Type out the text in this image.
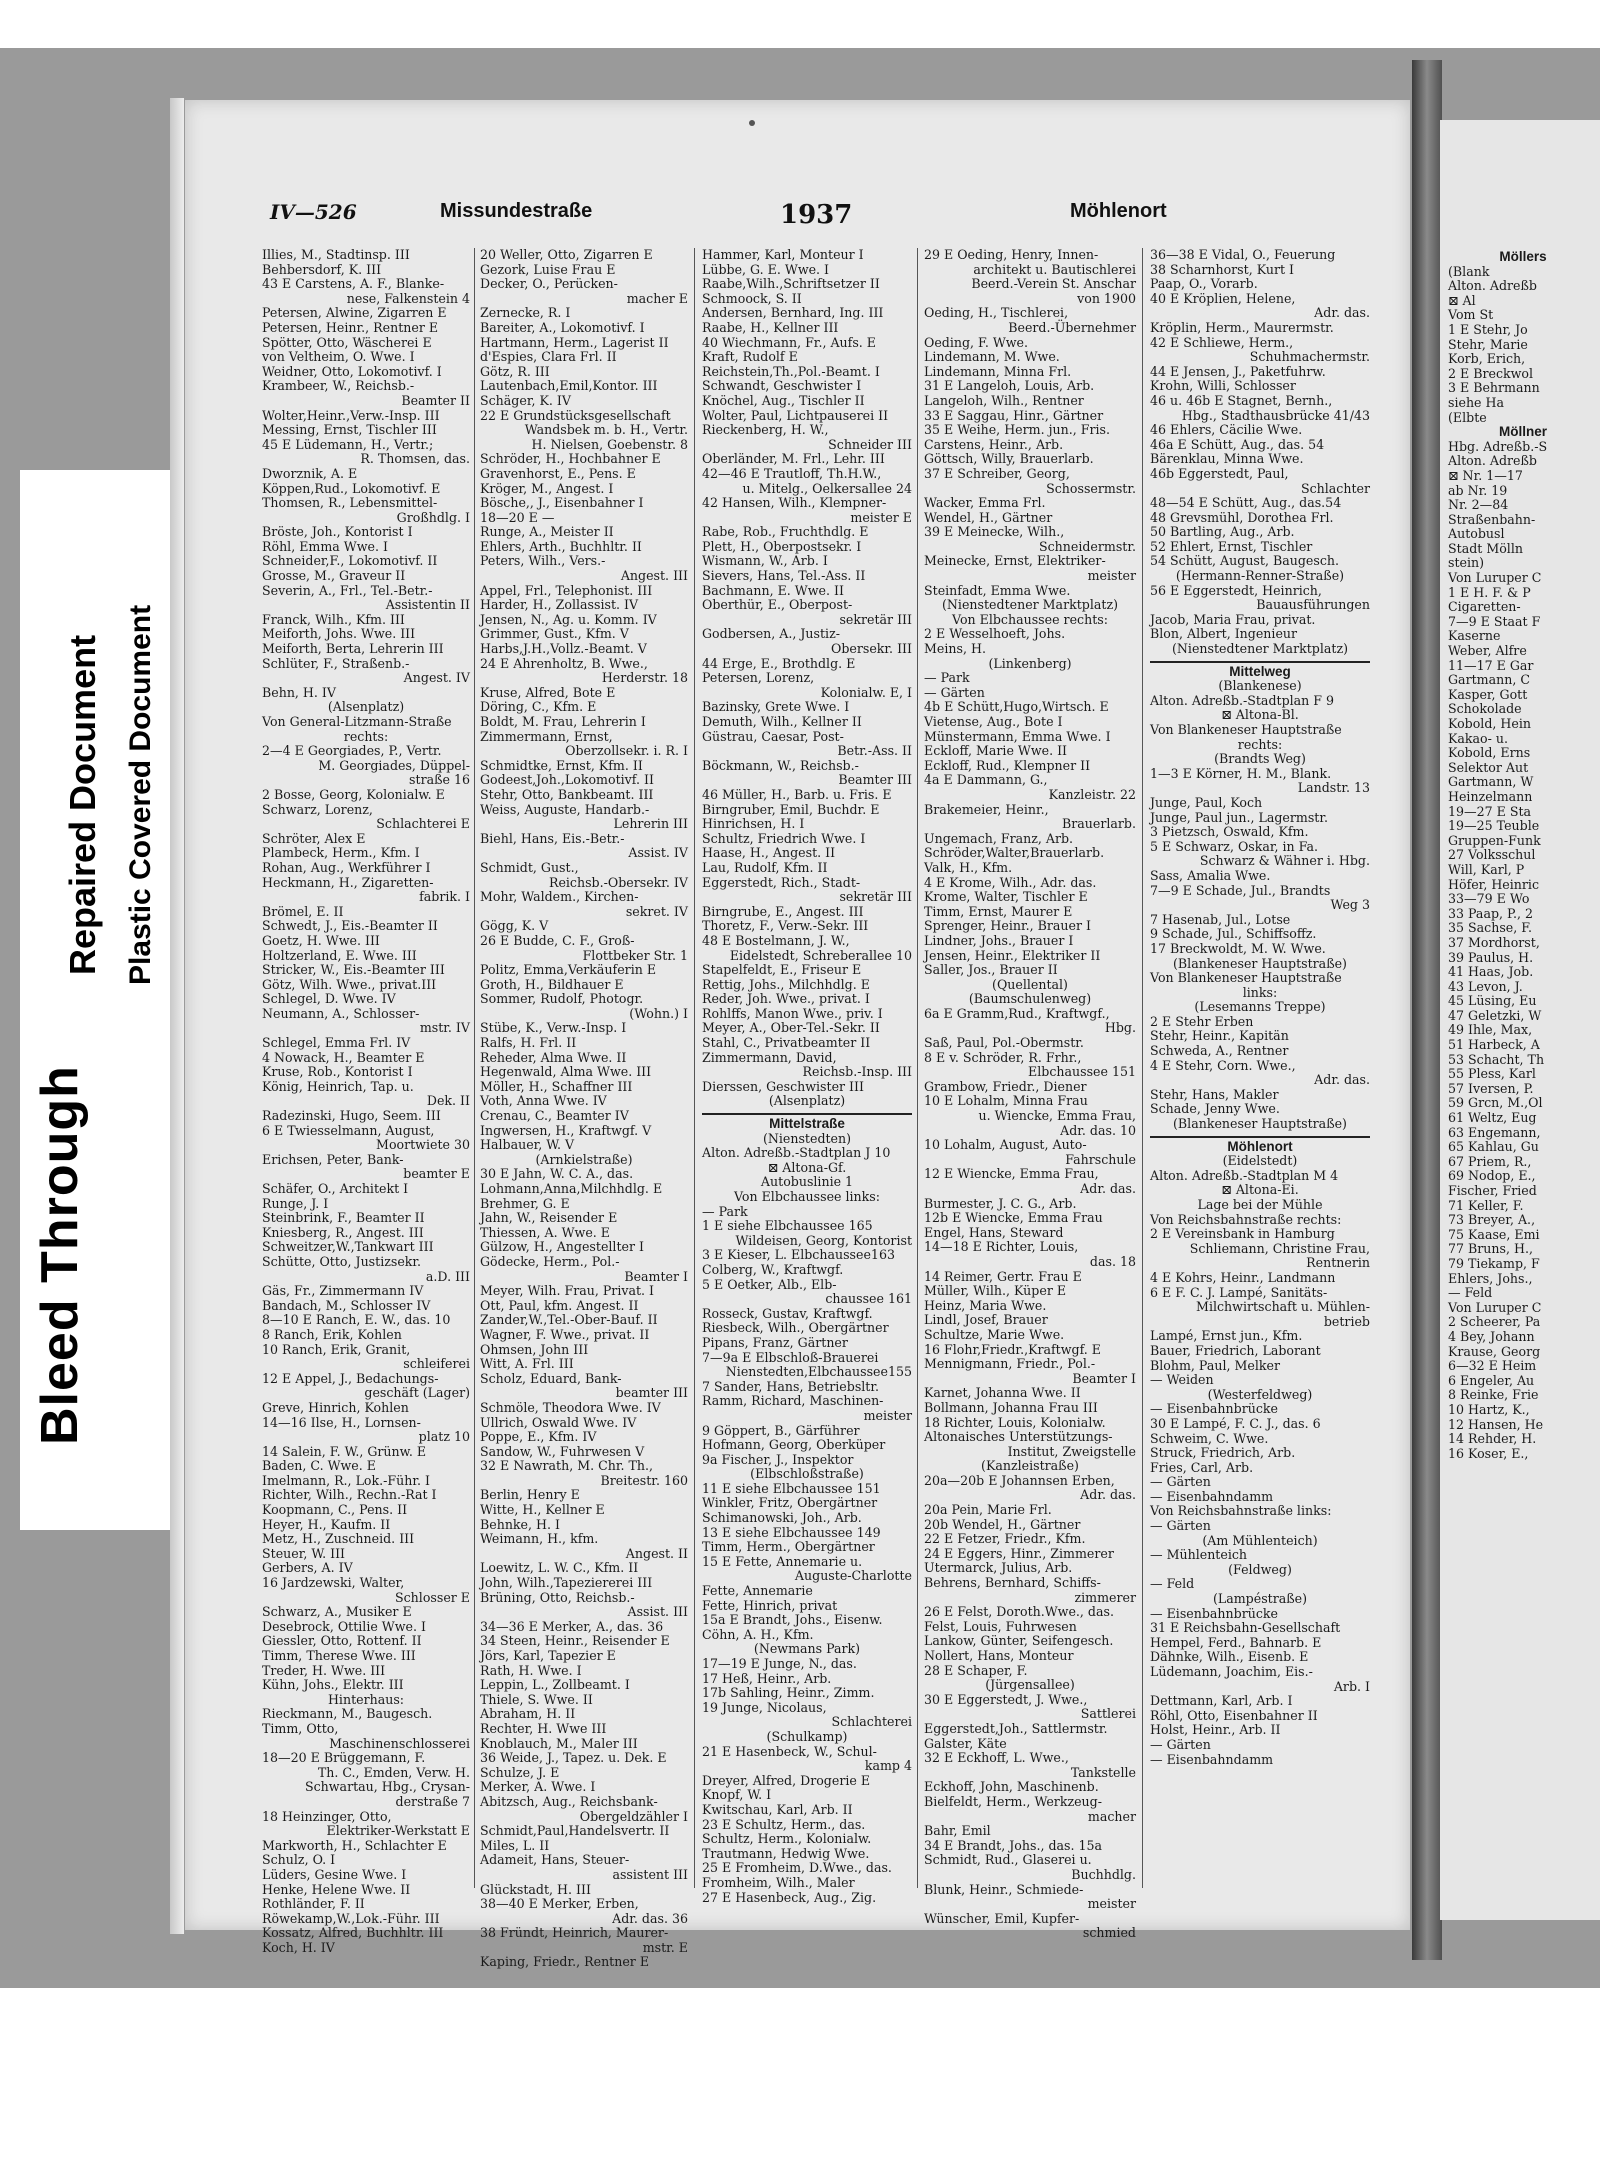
Bleed Through
Repaired Document Plastic Covered Document
Möllers
(Blank
Alton. Adreßb
⊠ Al
Vom St
1 E Stehr, Jo
Stehr, Marie
Korb, Erich,
2 E Breckwol
3 E Behrmann
siehe Ha
(Elbte
Möllner
Hbg. Adreßb.-S
Alton. Adreßb
⊠ Nr. 1—17
ab Nr. 19
Nr. 2—84
Straßenbahn-
Autobusl
Stadt Mölln
stein)
Von Luruper C
1 E H. F. & P
Cigaretten-
7—9 E Staat F
Kaserne
Weber, Alfre
11—17 E Gar
Gartmann, C
Kasper, Gott
Schokolade
Kobold, Hein
Kakao- u.
Kobold, Erns
Selektor Aut
Gartmann, W
Heinzelmann
19—27 E Sta
19—25 Teuble
Gruppen-Funk
27 Volksschul
Will, Karl, P
Höfer, Heinric
33—79 E Wo
33 Paap, P., 2
35 Sachse, F.
37 Mordhorst,
39 Paulus, H.
41 Haas, Job.
43 Levon, J.
45 Lüsing, Eu
47 Geletzki, W
49 Ihle, Max,
51 Harbeck, A
53 Schacht, Th
55 Pless, Karl
57 Iversen, P.
59 Grcn, M.,Ol
61 Weltz, Eug
63 Engemann,
65 Kahlau, Gu
67 Priem, R.,
69 Nodop, E.,
Fischer, Fried
71 Keller, F.
73 Breyer, A.,
75 Kaase, Emi
77 Bruns, H.,
79 Tiekamp, F
Ehlers, Johs.,
— Feld
Von Luruper C
2 Scheerer, Pa
4 Bey, Johann
Krause, Georg
6—32 E Heim
6 Engeler, Au
8 Reinke, Frie
10 Hartz, K.,
12 Hansen, He
14 Rehder, H.
16 Koser, E.,
IV—526	Missundestraße	1937	Möhlenort
Illies, M., Stadtinsp. III
Behbersdorf, K. III
43 E Carstens, A. F., Blanke-
nese, Falkenstein 4
Petersen, Alwine, Zigarren E
Petersen, Heinr., Rentner E
Spötter, Otto, Wäscherei E
von Veltheim, O. Wwe. I
Weidner, Otto, Lokomotivf. I
Krambeer, W., Reichsb.-
Beamter II
Wolter,Heinr.,Verw.-Insp. III
Messing, Ernst, Tischler III
45 E Lüdemann, H., Vertr.;
R. Thomsen, das.
Dworznik, A. E
Köppen,Rud., Lokomotivf. E
Thomsen, R., Lebensmittel-
Großhdlg. I
Bröste, Joh., Kontorist I
Röhl, Emma Wwe. I
Schneider,F., Lokomotivf. II
Grosse, M., Graveur II
Severin, A., Frl., Tel.-Betr.-
Assistentin II
Franck, Wilh., Kfm. III
Meiforth, Johs. Wwe. III
Meiforth, Berta, Lehrerin III
Schlüter, F., Straßenb.-
Angest. IV
Behn, H. IV
(Alsenplatz)
Von General-Litzmann-Straße
rechts:
2—4 E Georgiades, P., Vertr.
M. Georgiades, Düppel-
straße 16
2 Bosse, Georg, Kolonialw. E
Schwarz, Lorenz,
Schlachterei E
Schröter, Alex E
Plambeck, Herm., Kfm. I
Rohan, Aug., Werkführer I
Heckmann, H., Zigaretten-
fabrik. I
Brömel, E. II
Schwedt, J., Eis.-Beamter II
Goetz, H. Wwe. III
Holtzerland, E. Wwe. III
Stricker, W., Eis.-Beamter III
Götz, Wilh. Wwe., privat.III
Schlegel, D. Wwe. IV
Neumann, A., Schlosser-
mstr. IV
Schlegel, Emma Frl. IV
4 Nowack, H., Beamter E
Kruse, Rob., Kontorist I
König, Heinrich, Tap. u.
Dek. II
Radezinski, Hugo, Seem. III
6 E Twiesselmann, August,
Moortwiete 30
Erichsen, Peter, Bank-
beamter E
Schäfer, O., Architekt I
Runge, J. I
Steinbrink, F., Beamter II
Kniesberg, R., Angest. III
Schweitzer,W.,Tankwart III
Schütte, Otto, Justizsekr.
a.D. III
Gäs, Fr., Zimmermann IV
Bandach, M., Schlosser IV
8—10 E Ranch, E. W., das. 10
8 Ranch, Erik, Kohlen
10 Ranch, Erik, Granit,
schleiferei
12 E Appel, J., Bedachungs-
geschäft (Lager)
Greve, Hinrich, Kohlen
14—16 Ilse, H., Lornsen-
platz 10
14 Salein, F. W., Grünw. E
Baden, C. Wwe. E
Imelmann, R., Lok.-Führ. I
Richter, Wilh., Rechn.-Rat I
Koopmann, C., Pens. II
Heyer, H., Kaufm. II
Metz, H., Zuschneid. III
Steuer, W. III
Gerbers, A. IV
16 Jardzewski, Walter,
Schlosser E
Schwarz, A., Musiker E
Desebrock, Ottilie Wwe. I
Giessler, Otto, Rottenf. II
Timm, Therese Wwe. III
Treder, H. Wwe. III
Kühn, Johs., Elektr. III
Hinterhaus:
Rieckmann, M., Baugesch.
Timm, Otto,
Maschinenschlosserei
18—20 E Brüggemann, F.
Th. C., Emden, Verw. H.
Schwartau, Hbg., Crysan-
derstraße 7
18 Heinzinger, Otto,
Elektriker-Werkstatt E
Markworth, H., Schlachter E
Schulz, O. I
Lüders, Gesine Wwe. I
Henke, Helene Wwe. II
Rothländer, F. II
Röwekamp,W.,Lok.-Führ. III
Kossatz, Alfred, Buchhltr. III
Koch, H. IV
20 Weller, Otto, Zigarren E
Gezork, Luise Frau E
Decker, O., Perücken-
macher E
Zernecke, R. I
Bareiter, A., Lokomotivf. I
Hartmann, Herm., Lagerist II
d'Espies, Clara Frl. II
Götz, R. III
Lautenbach,Emil,Kontor. III
Schäger, K. IV
22 E Grundstücksgesellschaft
Wandsbek m. b. H., Vertr.
H. Nielsen, Goebenstr. 8
Schröder, H., Hochbahner E
Gravenhorst, E., Pens. E
Kröger, M., Angest. I
Bösche,, J., Eisenbahner I
18—20 E —
Runge, A., Meister II
Ehlers, Arth., Buchhltr. II
Peters, Wilh., Vers.-
Angest. III
Appel, Frl., Telephonist. III
Harder, H., Zollassist. IV
Jensen, N., Ag. u. Komm. IV
Grimmer, Gust., Kfm. V
Harbs,J.H.,Vollz.-Beamt. V
24 E Ahrenholtz, B. Wwe.,
Herderstr. 18
Kruse, Alfred, Bote E
Döring, C., Kfm. E
Boldt, M. Frau, Lehrerin I
Zimmermann, Ernst,
Oberzollsekr. i. R. I
Schmidtke, Ernst, Kfm. II
Godeest,Joh.,Lokomotivf. II
Stehr, Otto, Bankbeamt. III
Weiss, Auguste, Handarb.-
Lehrerin III
Biehl, Hans, Eis.-Betr.-
Assist. IV
Schmidt, Gust.,
Reichsb.-Obersekr. IV
Mohr, Waldem., Kirchen-
sekret. IV
Gögg, K. V
26 E Budde, C. F., Groß-
Flottbeker Str. 1
Politz, Emma,Verkäuferin E
Groth, H., Bildhauer E
Sommer, Rudolf, Photogr.
(Wohn.) I
Stübe, K., Verw.-Insp. I
Ralfs, H. Frl. II
Reheder, Alma Wwe. II
Hegenwald, Alma Wwe. III
Möller, H., Schaffner III
Voth, Anna Wwe. IV
Crenau, C., Beamter IV
Ingwersen, H., Kraftwgf. V
Halbauer, W. V
(Arnkielstraße)
30 E Jahn, W. C. A., das.
Lohmann,Anna,Milchhdlg. E
Brehmer, G. E
Jahn, W., Reisender E
Thiessen, A. Wwe. E
Gülzow, H., Angestellter I
Gödecke, Herm., Pol.-
Beamter I
Meyer, Wilh. Frau, Privat. I
Ott, Paul, kfm. Angest. II
Zander,W.,Tel.-Ober-Bauf. II
Wagner, F. Wwe., privat. II
Ohmsen, John III
Witt, A. Frl. III
Scholz, Eduard, Bank-
beamter III
Schmöle, Theodora Wwe. IV
Ullrich, Oswald Wwe. IV
Poppe, E., Kfm. IV
Sandow, W., Fuhrwesen V
32 E Nawrath, M. Chr. Th.,
Breitestr. 160
Berlin, Henry E
Witte, H., Kellner E
Behnke, H. I
Weimann, H., kfm.
Angest. II
Loewitz, L. W. C., Kfm. II
John, Wilh.,Tapeziererei III
Brüning, Otto, Reichsb.-
Assist. III
34—36 E Merker, A., das. 36
34 Steen, Heinr., Reisender E
Jörs, Karl, Tapezier E
Rath, H. Wwe. I
Leppin, L., Zollbeamt. I
Thiele, S. Wwe. II
Abraham, H. II
Rechter, H. Wwe III
Knoblauch, M., Maler III
36 Weide, J., Tapez. u. Dek. E
Schulze, J. E
Merker, A. Wwe. I
Abitzsch, Aug., Reichsbank-
Obergeldzähler I
Schmidt,Paul,Handelsvertr. II
Miles, L. II
Adameit, Hans, Steuer-
assistent III
Glückstadt, H. III
38—40 E Merker, Erben,
Adr. das. 36
38 Fründt, Heinrich, Maurer-
mstr. E
Kaping, Friedr., Rentner E
Hammer, Karl, Monteur I
Lübbe, G. E. Wwe. I
Raabe,Wilh.,Schriftsetzer II
Schmoock, S. II
Andersen, Bernhard, Ing. III
Raabe, H., Kellner III
40 Wiechmann, Fr., Aufs. E
Kraft, Rudolf E
Reichstein,Th.,Pol.-Beamt. I
Schwandt, Geschwister I
Knöchel, Aug., Tischler II
Wolter, Paul, Lichtpauserei II
Rieckenberg, H. W.,
Schneider III
Oberländer, M. Frl., Lehr. III
42—46 E Trautloff, Th.H.W.,
u. Mitelg., Oelkersallee 24
42 Hansen, Wilh., Klempner-
meister E
Rabe, Rob., Fruchthdlg. E
Plett, H., Oberpostsekr. I
Wismann, W., Arb. I
Sievers, Hans, Tel.-Ass. II
Bachmann, E. Wwe. II
Oberthür, E., Oberpost-
sekretär III
Godbersen, A., Justiz-
Obersekr. III
44 Erge, E., Brothdlg. E
Petersen, Lorenz,
Kolonialw. E, I
Bazinsky, Grete Wwe. I
Demuth, Wilh., Kellner II
Güstrau, Caesar, Post-
Betr.-Ass. II
Böckmann, W., Reichsb.-
Beamter III
46 Müller, H., Barb. u. Fris. E
Birngruber, Emil, Buchdr. E
Hinrichsen, H. I
Schultz, Friedrich Wwe. I
Haase, H., Angest. II
Lau, Rudolf, Kfm. II
Eggerstedt, Rich., Stadt-
sekretär III
Birngrube, E., Angest. III
Thoretz, F., Verw.-Sekr. III
48 E Bostelmann, J. W.,
Eidelstedt, Schreberallee 10
Stapelfeldt, E., Friseur E
Rettig, Johs., Milchhdlg. E
Reder, Joh. Wwe., privat. I
Rohlffs, Manon Wwe., priv. I
Meyer, A., Ober-Tel.-Sekr. II
Stahl, C., Privatbeamter II
Zimmermann, David,
Reichsb.-Insp. III
Dierssen, Geschwister III
(Alsenplatz)
Mittelstraße
(Nienstedten)
Alton. Adreßb.-Stadtplan J 10
⊠ Altona-Gf.
Autobuslinie 1
Von Elbchaussee links:
— Park
1 E siehe Elbchaussee 165
Wildeisen, Georg, Kontorist
3 E Kieser, L. Elbchaussee163
Colberg, W., Kraftwgf.
5 E Oetker, Alb., Elb-
chaussee 161
Rosseck, Gustav, Kraftwgf.
Riesbeck, Wilh., Obergärtner
Pipans, Franz, Gärtner
7—9a E Elbschloß-Brauerei
Nienstedten,Elbchaussee155
7 Sander, Hans, Betriebsltr.
Ramm, Richard, Maschinen-
meister
9 Göppert, B., Gärführer
Hofmann, Georg, Oberküper
9a Fischer, J., Inspektor
(Elbschloßstraße)
11 E siehe Elbchaussee 151
Winkler, Fritz, Obergärtner
Schimanowski, Joh., Arb.
13 E siehe Elbchaussee 149
Timm, Herm., Obergärtner
15 E Fette, Annemarie u.
Auguste-Charlotte
Fette, Annemarie
Fette, Hinrich, privat
15a E Brandt, Johs., Eisenw.
Cöhn, A. H., Kfm.
(Newmans Park)
17—19 E Junge, N., das.
17 Heß, Heinr., Arb.
17b Sahling, Heinr., Zimm.
19 Junge, Nicolaus,
Schlachterei
(Schulkamp)
21 E Hasenbeck, W., Schul-
kamp 4
Dreyer, Alfred, Drogerie E
Knopf, W. I
Kwitschau, Karl, Arb. II
23 E Schultz, Herm., das.
Schultz, Herm., Kolonialw.
Trautmann, Hedwig Wwe.
25 E Fromheim, D.Wwe., das.
Fromheim, Wilh., Maler
27 E Hasenbeck, Aug., Zig.
29 E Oeding, Henry, Innen-
architekt u. Bautischlerei
Beerd.-Verein St. Anschar
von 1900
Oeding, H., Tischlerei,
Beerd.-Übernehmer
Oeding, F. Wwe.
Lindemann, M. Wwe.
Lindemann, Minna Frl.
31 E Langeloh, Louis, Arb.
Langeloh, Wilh., Rentner
33 E Saggau, Hinr., Gärtner
35 E Weihe, Herm. jun., Fris.
Carstens, Heinr., Arb.
Göttsch, Willy, Brauerlarb.
37 E Schreiber, Georg,
Schossermstr.
Wacker, Emma Frl.
Wendel, H., Gärtner
39 E Meinecke, Wilh.,
Schneidermstr.
Meinecke, Ernst, Elektriker-
meister
Steinfadt, Emma Wwe.
(Nienstedtener Marktplatz)
Von Elbchaussee rechts:
2 E Wesselhoeft, Johs.
Meins, H.
(Linkenberg)
— Park
— Gärten
4b E Schütt,Hugo,Wirtsch. E
Vietense, Aug., Bote I
Münstermann, Emma Wwe. I
Eckloff, Marie Wwe. II
Eckloff, Rud., Klempner II
4a E Dammann, G.,
Kanzleistr. 22
Brakemeier, Heinr.,
Brauerlarb.
Ungemach, Franz, Arb.
Schröder,Walter,Brauerlarb.
Valk, H., Kfm.
4 E Krome, Wilh., Adr. das.
Krome, Walter, Tischler E
Timm, Ernst, Maurer E
Sprenger, Heinr., Brauer I
Lindner, Johs., Brauer I
Jensen, Heinr., Elektriker II
Saller, Jos., Brauer II
(Quellental)
(Baumschulenweg)
6a E Gramm,Rud., Kraftwgf.,
Hbg.
Saß, Paul, Pol.-Obermstr.
8 E v. Schröder, R. Frhr.,
Elbchaussee 151
Grambow, Friedr., Diener
10 E Lohalm, Minna Frau
u. Wiencke, Emma Frau,
Adr. das. 10
10 Lohalm, August, Auto-
Fahrschule
12 E Wiencke, Emma Frau,
Adr. das.
Burmester, J. C. G., Arb.
12b E Wiencke, Emma Frau
Engel, Hans, Steward
14—18 E Richter, Louis,
das. 18
14 Reimer, Gertr. Frau E
Müller, Wilh., Küper E
Heinz, Maria Wwe.
Lindl, Josef, Brauer
Schultze, Marie Wwe.
16 Flohr,Friedr.,Kraftwgf. E
Mennigmann, Friedr., Pol.-
Beamter I
Karnet, Johanna Wwe. II
Bollmann, Johanna Frau III
18 Richter, Louis, Kolonialw.
Altonaisches Unterstützungs-
Institut, Zweigstelle
(Kanzleistraße)
20a—20b E Johannsen Erben,
Adr. das.
20a Pein, Marie Frl.
20b Wendel, H., Gärtner
22 E Fetzer, Friedr., Kfm.
24 E Eggers, Hinr., Zimmerer
Utermarck, Julius, Arb.
Behrens, Bernhard, Schiffs-
zimmerer
26 E Felst, Doroth.Wwe., das.
Felst, Louis, Fuhrwesen
Lankow, Günter, Seifengesch.
Nollert, Hans, Monteur
28 E Schaper, F.
(Jürgensallee)
30 E Eggerstedt, J. Wwe.,
Sattlerei
Eggerstedt,Joh., Sattlermstr.
Galster, Käte
32 E Eckhoff, L. Wwe.,
Tankstelle
Eckhoff, John, Maschinenb.
Bielfeldt, Herm., Werkzeug-
macher
Bahr, Emil
34 E Brandt, Johs., das. 15a
Schmidt, Rud., Glaserei u.
Buchhdlg.
Blunk, Heinr., Schmiede-
meister
Wünscher, Emil, Kupfer-
schmied
36—38 E Vidal, O., Feuerung
38 Scharnhorst, Kurt I
Paap, O., Vorarb.
40 E Kröplien, Helene,
Adr. das.
Kröplin, Herm., Maurermstr.
42 E Schliewe, Herm.,
Schuhmachermstr.
44 E Jensen, J., Paketfuhrw.
Krohn, Willi, Schlosser
46 u. 46b E Stagnet, Bernh.,
Hbg., Stadthausbrücke 41/43
46 Ehlers, Cäcilie Wwe.
46a E Schütt, Aug., das. 54
Bärenklau, Minna Wwe.
46b Eggerstedt, Paul,
Schlachter
48—54 E Schütt, Aug., das.54
48 Grevsmühl, Dorothea Frl.
50 Bartling, Aug., Arb.
52 Ehlert, Ernst, Tischler
54 Schütt, August, Baugesch.
(Hermann-Renner-Straße)
56 E Eggerstedt, Heinrich,
Bauausführungen
Jacob, Maria Frau, privat.
Blon, Albert, Ingenieur
(Nienstedtener Marktplatz)
Mittelweg
(Blankenese)
Alton. Adreßb.-Stadtplan F 9
⊠ Altona-Bl.
Von Blankeneser Hauptstraße
rechts:
(Brandts Weg)
1—3 E Körner, H. M., Blank.
Landstr. 13
Junge, Paul, Koch
Junge, Paul jun., Lagermstr.
3 Pietzsch, Oswald, Kfm.
5 E Schwarz, Oskar, in Fa.
Schwarz & Wähner i. Hbg.
Sass, Amalia Wwe.
7—9 E Schade, Jul., Brandts
Weg 3
7 Hasenab, Jul., Lotse
9 Schade, Jul., Schiffsoffz.
17 Breckwoldt, M. W. Wwe.
(Blankeneser Hauptstraße)
Von Blankeneser Hauptstraße
links:
(Lesemanns Treppe)
2 E Stehr Erben
Stehr, Heinr., Kapitän
Schweda, A., Rentner
4 E Stehr, Corn. Wwe.,
Adr. das.
Stehr, Hans, Makler
Schade, Jenny Wwe.
(Blankeneser Hauptstraße)
Möhlenort
(Eidelstedt)
Alton. Adreßb.-Stadtplan M 4
⊠ Altona-Ei.
Lage bei der Mühle
Von Reichsbahnstraße rechts:
2 E Vereinsbank in Hamburg
Schliemann, Christine Frau,
Rentnerin
4 E Kohrs, Heinr., Landmann
6 E F. C. J. Lampé, Sanitäts-
Milchwirtschaft u. Mühlen-
betrieb
Lampé, Ernst jun., Kfm.
Bauer, Friedrich, Laborant
Blohm, Paul, Melker
— Weiden
(Westerfeldweg)
— Eisenbahnbrücke
30 E Lampé, F. C. J., das. 6
Schweim, C. Wwe.
Struck, Friedrich, Arb.
Fries, Carl, Arb.
— Gärten
— Eisenbahndamm
Von Reichsbahnstraße links:
— Gärten
(Am Mühlenteich)
— Mühlenteich
(Feldweg)
— Feld
(Lampéstraße)
— Eisenbahnbrücke
31 E Reichsbahn-Gesellschaft
Hempel, Ferd., Bahnarb. E
Dähnke, Wilh., Eisenb. E
Lüdemann, Joachim, Eis.-
Arb. I
Dettmann, Karl, Arb. I
Röhl, Otto, Eisenbahner II
Holst, Heinr., Arb. II
— Gärten
— Eisenbahndamm
